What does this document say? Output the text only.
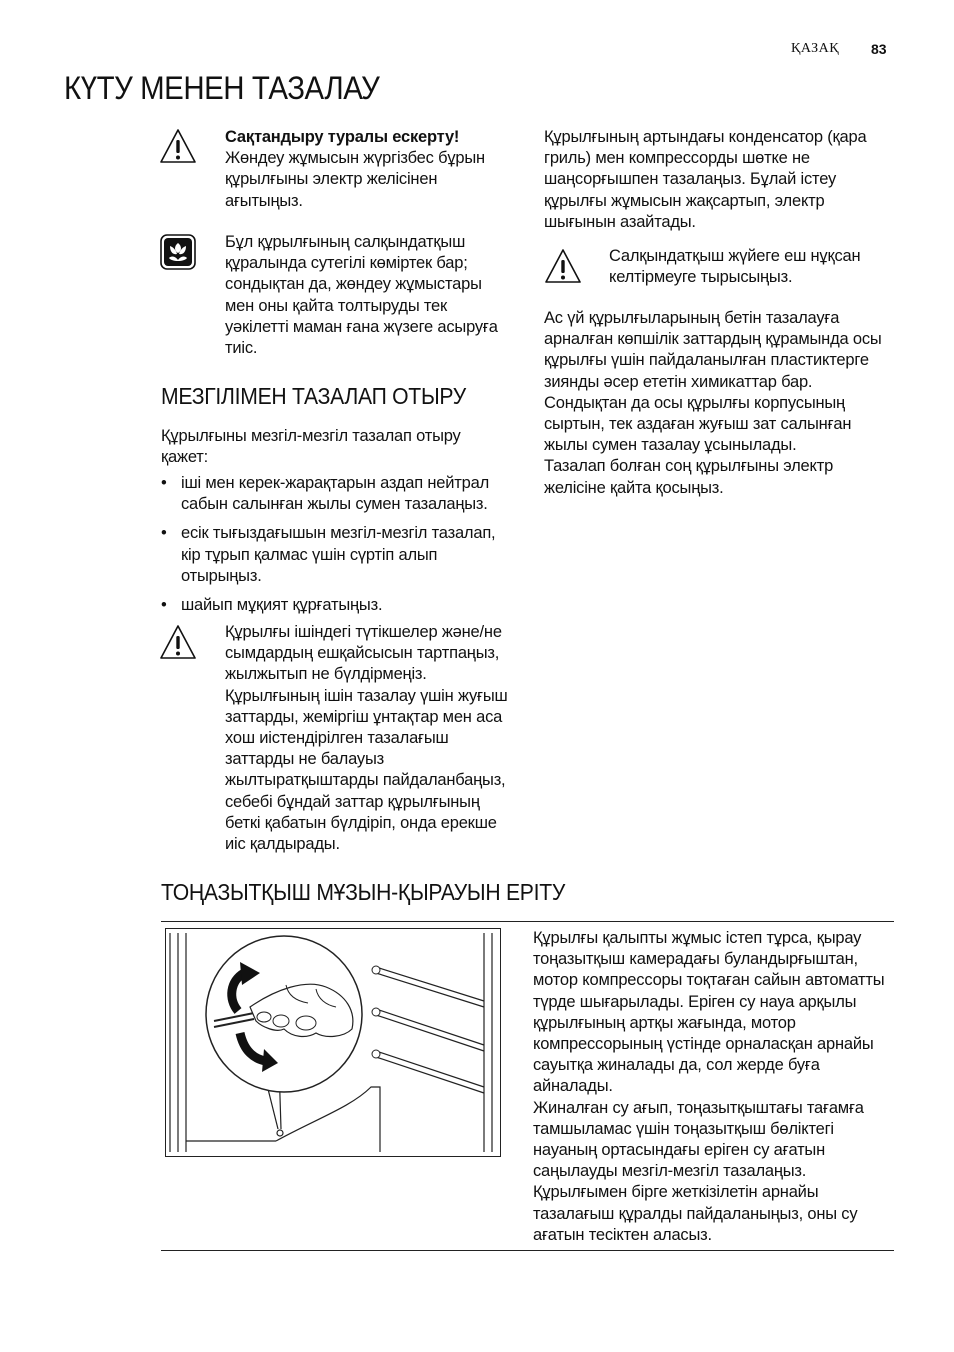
ҚАЗАҚ 83
КҮТУ МЕНЕН ТАЗАЛАУ

Сақтандыру туралы ескерту!

Жөндеу жұмысын жүргізбес бұрын құрылғыны электр желісінен ағытыңыз.

Бұл құрылғының салқындатқыш құралында сутегілі көміртек бар; сондықтан да, жөндеу жұмыстары мен оны қайта толтыруды тек уәкілетті маман ғана жүзеге асыруға тиіс.
МЕЗГІЛІМЕН ТАЗАЛАП ОТЫРУ
Құрылғыны мезгіл-мезгіл тазалап отыру қажет:
• іші мен керек-жарақтарын аздап нейтрал сабын салынған жылы сумен тазалаңыз.
• есік тығыздағышын мезгіл-мезгіл тазалап, кір тұрып қалмас үшін сүртіп алып отырыңыз.
• шайып мұқият құрғатыңыз.
Құрылғы ішіндегі түтікшелер және/не сымдардың ешқайсысын тартпаңыз, жылжытып не бүлдірмеңіз. Құрылғының ішін тазалау үшін жуғыш заттарды, жеміргіш ұнтақтар мен аса хош иістендірілген тазалағыш заттарды не балауыз жылтыратқыштарды пайдаланбаңыз, себебі бұндай заттар құрылғының беткі қабатын бүлдіріп, онда ерекше иіс қалдырады.
Құрылғының артындағы конденсатор (қара гриль) мен компрессорды шөтке не шаңсорғышпен тазалаңыз. Бұлай істеу құрылғы жұмысын жақсартып, электр шығынын азайтады.
Салқындатқыш жүйеге еш нұқсан келтірмеуге тырысыңыз.

Ас үй құрылғыларының бетін тазалауға арналған көпшілік заттардың құрамында осы құрылғы үшін пайдаланылған пластиктерге зиянды әсер ететін химикаттар бар. Сондықтан да осы құрылғы корпусының сыртын, тек аздаған жуғыш зат салынған жылы сумен тазалау ұсынылады.

Тазалап болған соң құрылғыны электр желісіне қайта қосыңыз.

ТОҢАЗЫТҚЫШ МҰЗЫН-ҚЫРАУЫН ЕРІТУ

Құрылғы қалыпты жұмыс істеп тұрса, қырау тоңазытқыш камерадағы буландырғыштан, мотор компрессоры тоқтаған сайын автоматты түрде шығарылады. Еріген су науа арқылы құрылғының артқы жағында, мотор компрессорының үстінде орналасқан арнайы сауытқа жиналады да, сол жерде буға айналады.

Жиналған су ағып, тоңазытқыштағы тағамға тамшыламас үшін тоңазытқыш бөліктегі науаның ортасындағы еріген су ағатын саңылауды мезгіл-мезгіл тазалаңыз.

Құрылғымен бірге жеткізілетін арнайы тазалағыш құралды пайдаланыңыз, оны су ағатын тесіктен аласыз.
